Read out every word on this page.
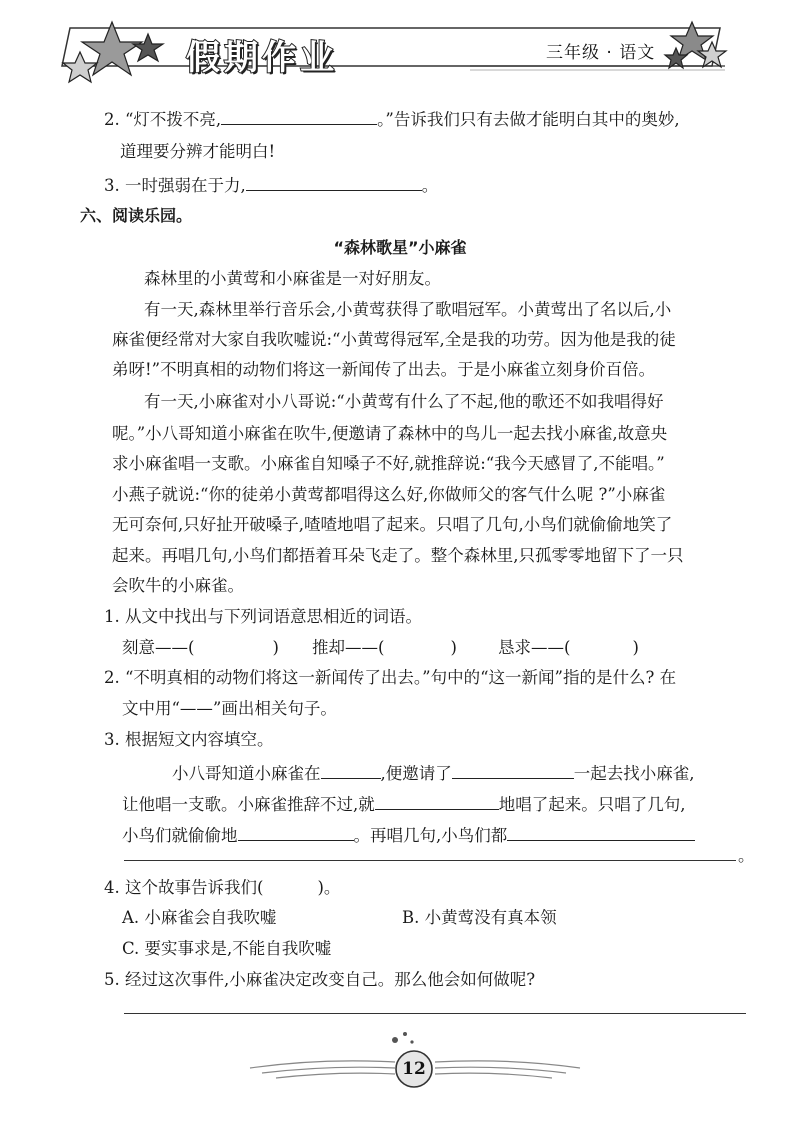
假期作业	三年级 · 语文
2. “灯不拨不亮,	。”告诉我们只有去做才能明白其中的奥妙,
道理要分辨才能明白!
3. 一时强弱在于力,	。
六、阅读乐园。
“森林歌星”小麻雀
森林里的小黄莺和小麻雀是一对好朋友。
有一天,森林里举行音乐会,小黄莺获得了歌唱冠军。小黄莺出了名以后,小
麻雀便经常对大家自我吹嘘说:“小黄莺得冠军,全是我的功劳。因为他是我的徒
弟呀!”不明真相的动物们将这一新闻传了出去。于是小麻雀立刻身价百倍。
有一天,小麻雀对小八哥说:“小黄莺有什么了不起,他的歌还不如我唱得好
呢。”小八哥知道小麻雀在吹牛,便邀请了森林中的鸟儿一起去找小麻雀,故意央
求小麻雀唱一支歌。小麻雀自知嗓子不好,就推辞说:“我今天感冒了,不能唱。”
小燕子就说:“你的徒弟小黄莺都唱得这么好,你做师父的客气什么呢 ?”小麻雀
无可奈何,只好扯开破嗓子,喳喳地唱了起来。只唱了几句,小鸟们就偷偷地笑了
起来。再唱几句,小鸟们都捂着耳朵飞走了。整个森林里,只孤零零地留下了一只
会吹牛的小麻雀。
1. 从文中找出与下列词语意思相近的词语。
刻意——(	) 推却——(	) 恳求——(	)
2. “不明真相的动物们将这一新闻传了出去。”句中的“这一新闻”指的是什么? 在
文中用“——”画出相关句子。
3. 根据短文内容填空。
小八哥知道小麻雀在	,便邀请了	一起去找小麻雀,
让他唱一支歌。小麻雀推辞不过,就	地唱了起来。只唱了几句,
小鸟们就偷偷地	。再唱几句,小鸟们都
。
4. 这个故事告诉我们(	)。
A. 小麻雀会自我吹嘘	B. 小黄莺没有真本领
C. 要实事求是,不能自我吹嘘
5. 经过这次事件,小麻雀决定改变自己。那么他会如何做呢?
12
